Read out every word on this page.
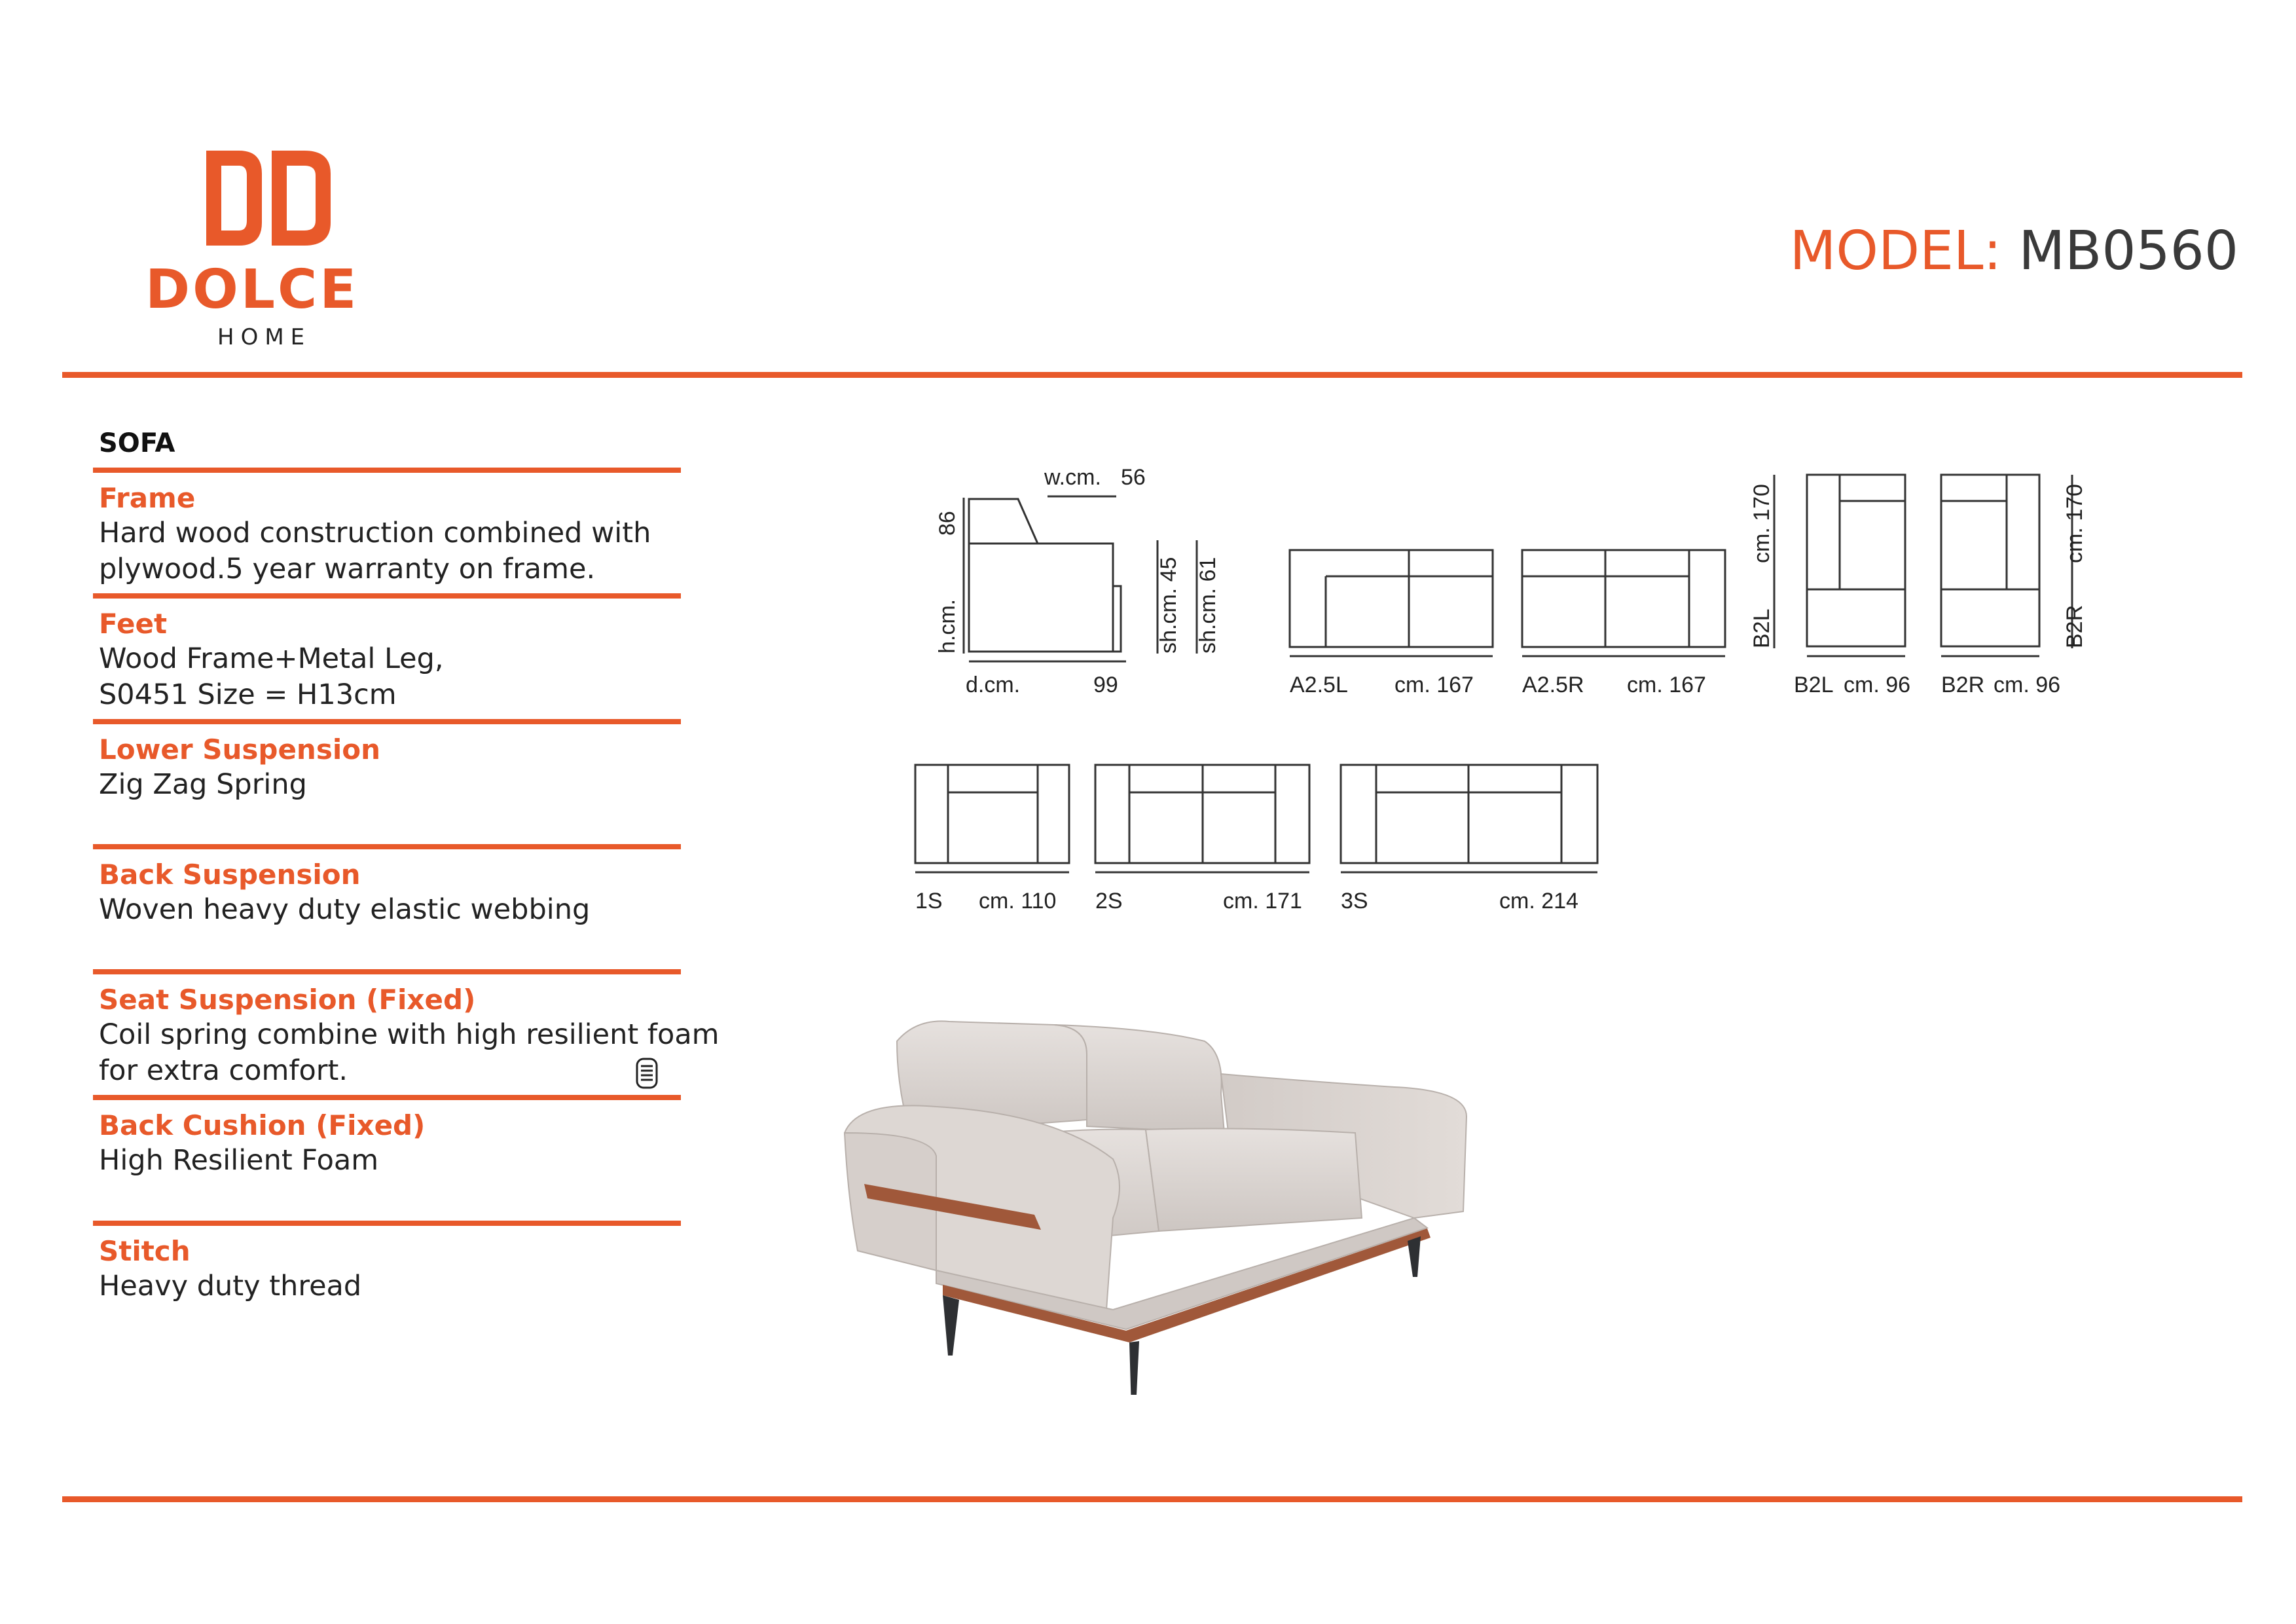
DOLCE
HOME
MODEL: MB0560
SOFA
Frame
Hard wood construction combined with
plywood.5 year warranty on frame.
Feet
Wood Frame+Metal Leg,
S0451 Size = H13cm
Lower Suspension
Zig Zag Spring
Back Suspension
Woven heavy duty elastic webbing
Seat Suspension (Fixed)
Coil spring combine with high resilient foam
for extra comfort.
Back Cushion (Fixed)
High Resilient Foam
Stitch
Heavy duty thread
w.cm. 56
86
h.cm.
d.cm.	99
sh.cm. 45 sh.cm. 61
A2.5L cm. 167 A2.5R cm. 167
B2L
cm. 170
B2L cm. 96
B2R
cm. 170
B2R cm. 96
1S cm. 110 2S	cm. 171 3S	cm. 214
